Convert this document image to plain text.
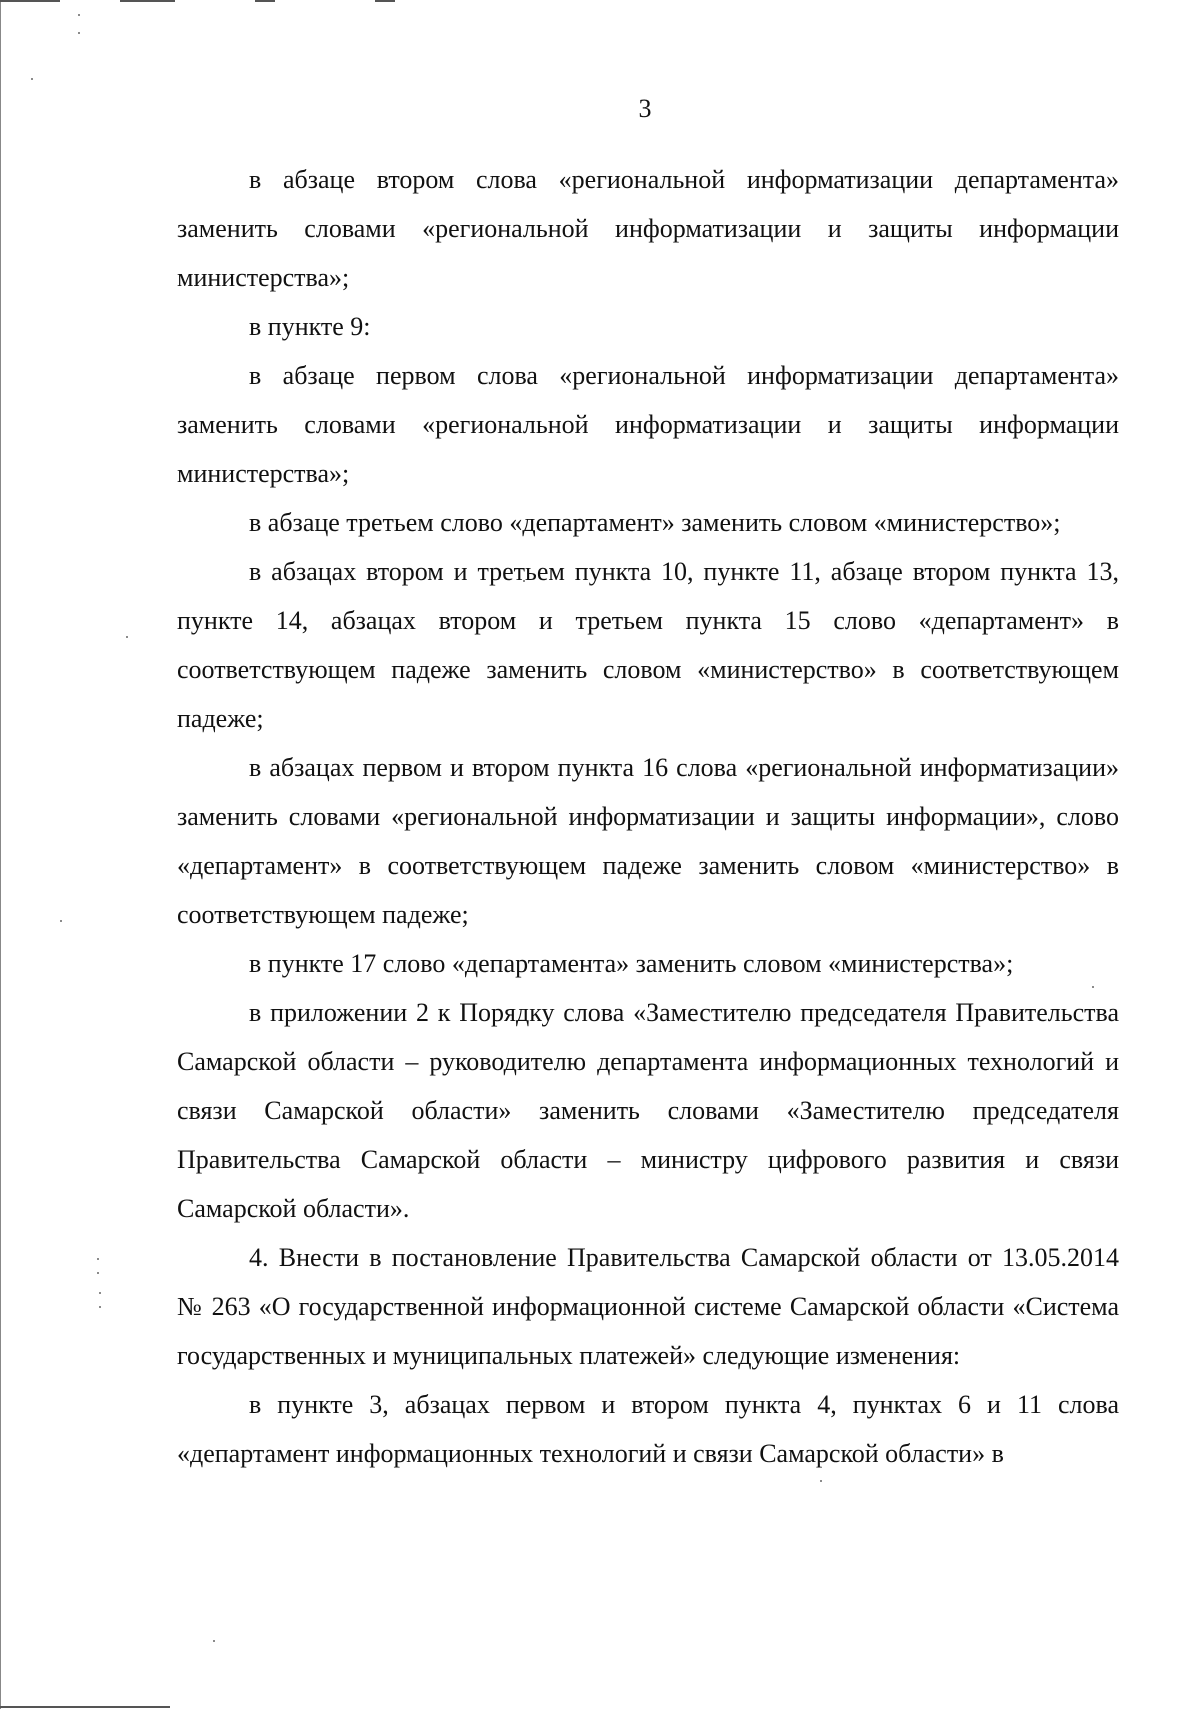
3

в абзаце втором слова «региональной информатизации департамента» заменить словами «региональной информатизации и защиты информации министерства»;

в пункте 9:

в абзаце первом слова «региональной информатизации департамента» заменить словами «региональной информатизации и защиты информации министерства»;

в абзаце третьем слово «департамент» заменить словом «министерство»;

в абзацах втором и третьем пункта 10, пункте 11, абзаце втором пункта 13, пункте 14, абзацах втором и третьем пункта 15 слово «департамент» в соответствующем падеже заменить словом «министерство» в соответствующем падеже;

в абзацах первом и втором пункта 16 слова «региональной информатизации» заменить словами «региональной информатизации и защиты информации», слово «департамент» в соответствующем падеже заменить словом «министерство» в соответствующем падеже;

в пункте 17 слово «департамента» заменить словом «министерства»;

в приложении 2 к Порядку слова «Заместителю председателя Правительства Самарской области – руководителю департамента информационных технологий и связи Самарской области» заменить словами «Заместителю председателя Правительства Самарской области – министру цифрового развития и связи Самарской области».

4. Внести в постановление Правительства Самарской области от 13.05.2014 № 263 «О государственной информационной системе Самарской области «Система государственных и муниципальных платежей» следующие изменения:

в пункте 3, абзацах первом и втором пункта 4, пунктах 6 и 11 слова «департамент информационных технологий и связи Самарской области» в
